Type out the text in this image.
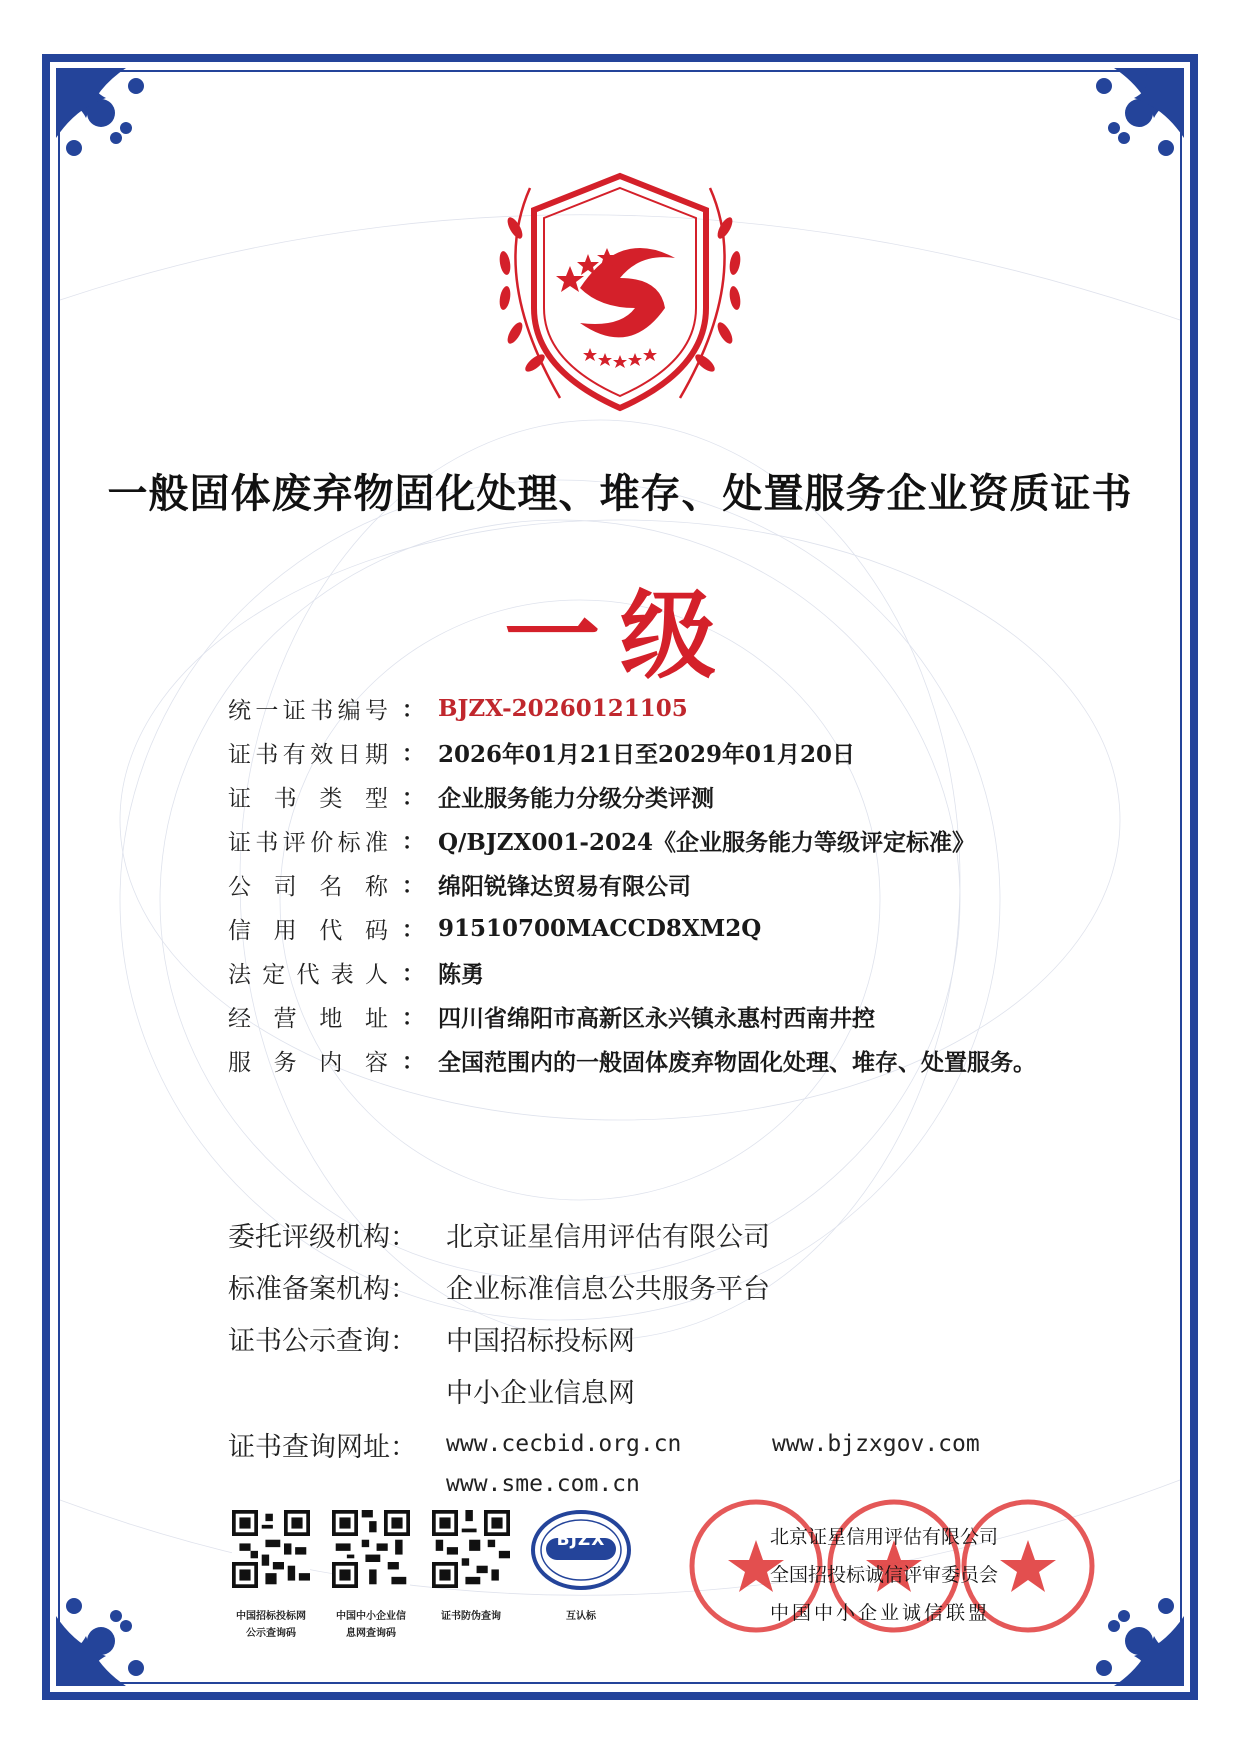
一般固体废弃物固化处理、堆存、处置服务企业资质证书
一级
统一证书编号 ： BJZX-20260121105
证书有效日期 ： 2026年01月21日至2029年01月20日
证书类型 ： 企业服务能力分级分类评测
证书评价标准 ： Q/BJZX001-2024《企业服务能力等级评定标准》
公司名称 ： 绵阳锐锋达贸易有限公司
信用代码 ： 91510700MACCD8XM2Q
法定代表人 ： 陈勇
经营地址 ： 四川省绵阳市高新区永兴镇永惠村西南井控
服务内容 ： 全国范围内的一般固体废弃物固化处理、堆存、处置服务。
委托评级机构：	北京证星信用评估有限公司
标准备案机构：	企业标准信息公共服务平台
证书公示查询：	中国招标投标网
中小企业信息网
证书查询网址：	www.cecbid.org.cn	www.bjzxgov.com
www.sme.com.cn
中国招标投标网
公示查询码
中国中小企业信
息网查询码
证书防伪查询
BJZX
互认标
北京证星信用评估有限公司
全国招投标诚信评审委员会
中国中小企业诚信联盟
